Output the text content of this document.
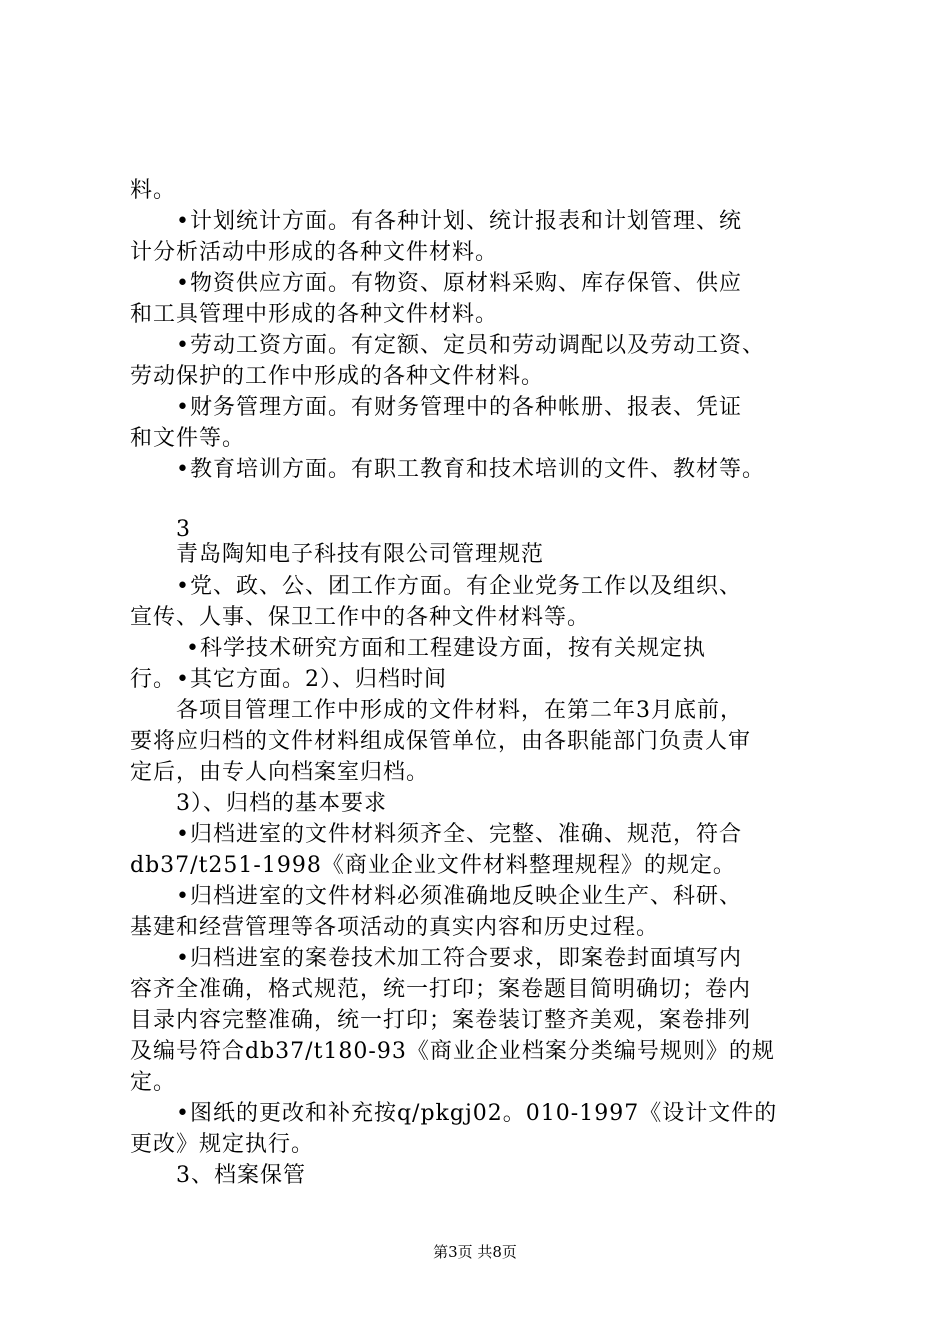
料。
•计划统计方面。有各种计划、统计报表和计划管理、统
计分析活动中形成的各种文件材料。
•物资供应方面。有物资、原材料采购、库存保管、供应
和工具管理中形成的各种文件材料。
•劳动工资方面。有定额、定员和劳动调配以及劳动工资、
劳动保护的工作中形成的各种文件材料。
•财务管理方面。有财务管理中的各种帐册、报表、凭证
和文件等。
•教育培训方面。有职工教育和技术培训的文件、教材等。
3
青岛陶知电子科技有限公司管理规范
•党、政、公、团工作方面。有企业党务工作以及组织、
宣传、人事、保卫工作中的各种文件材料等。
•科学技术研究方面和工程建设方面，按有关规定执
行。•其它方面。2）、归档时间
各项目管理工作中形成的文件材料，在第二年3月底前，
要将应归档的文件材料组成保管单位，由各职能部门负责人审
定后，由专人向档案室归档。
3）、归档的基本要求
•归档进室的文件材料须齐全、完整、准确、规范，符合
db37/t251-1998《商业企业文件材料整理规程》的规定。
•归档进室的文件材料必须准确地反映企业生产、科研、
基建和经营管理等各项活动的真实内容和历史过程。
•归档进室的案卷技术加工符合要求，即案卷封面填写内
容齐全准确，格式规范，统一打印；案卷题目简明确切；卷内
目录内容完整准确，统一打印；案卷装订整齐美观，案卷排列
及编号符合db37/t180-93《商业企业档案分类编号规则》的规
定。
•图纸的更改和补充按q/pkgj02。010-1997《设计文件的
更改》规定执行。
3、档案保管
第3页 共8页
